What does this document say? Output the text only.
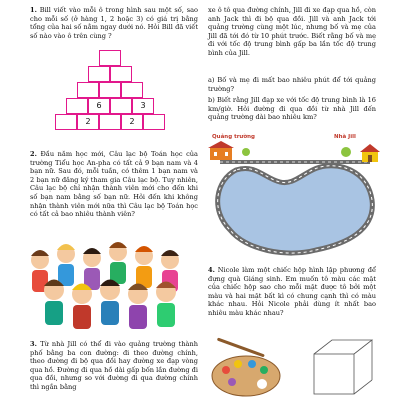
1. Bill viết vào mỗi ô trong hình sau một số, sao cho mỗi số (ở hàng 1, 2 hoặc 3) có giá trị bằng tổng của hai số nằm ngay dưới nó. Hỏi Bill đã viết số nào vào ô trên cùng ?

6	3
2	2

2. Đầu năm học mới, Câu lạc bộ Toán học của trường Tiểu học An-pha có tất cả 9 bạn nam và 4 bạn nữ. Sau đó, mỗi tuần, có thêm 1 bạn nam và 2 bạn nữ đăng ký tham gia Câu lạc bộ. Tuy nhiên, Câu lạc bộ chỉ nhận thành viên mới cho đến khi số bạn nam bằng số bạn nữ. Hỏi đến khi không nhận thành viên mới nữa thì Câu lạc bộ Toán học có tất cả bao nhiêu thành viên?

3. Từ nhà Jill có thể đi vào quảng trường thành phố bằng ba con đường: đi theo đường chính, theo đường đi bộ qua đồi hay đường xe đạp vòng qua hồ. Đường đi qua hồ dài gấp bốn lần đường đi qua đồi, nhưng so với đường đi qua đường chính thì ngắn bằng

xe ô tô qua đường chính, Jill đi xe đạp qua hồ, còn anh Jack thì đi bộ qua đồi. Jill và anh Jack tới quảng trường cùng một lúc, nhưng bố và mẹ của Jill đã tới đó từ 10 phút trước. Biết rằng bố và mẹ đi với tốc độ trung bình gấp ba lần tốc độ trung bình của Jill.

a) Bố và mẹ đi mất bao nhiêu phút để tới quảng trường?

b) Biết rằng Jill đạp xe với tốc độ trung bình là 16 km/giờ. Hỏi đường đi qua đồi từ nhà Jill đến quảng trường dài bao nhiêu km?

Quảng trường	Nhà Jill

4. Nicole làm một chiếc hộp hình lập phương để đựng quà Giáng sinh. Em muốn tô màu các mặt của chiếc hộp sao cho mỗi mặt được tô bởi một màu và hai mặt bất kì có chung cạnh thì có màu khác nhau. Hỏi Nicole phải dùng ít nhất bao nhiêu màu khác nhau?
